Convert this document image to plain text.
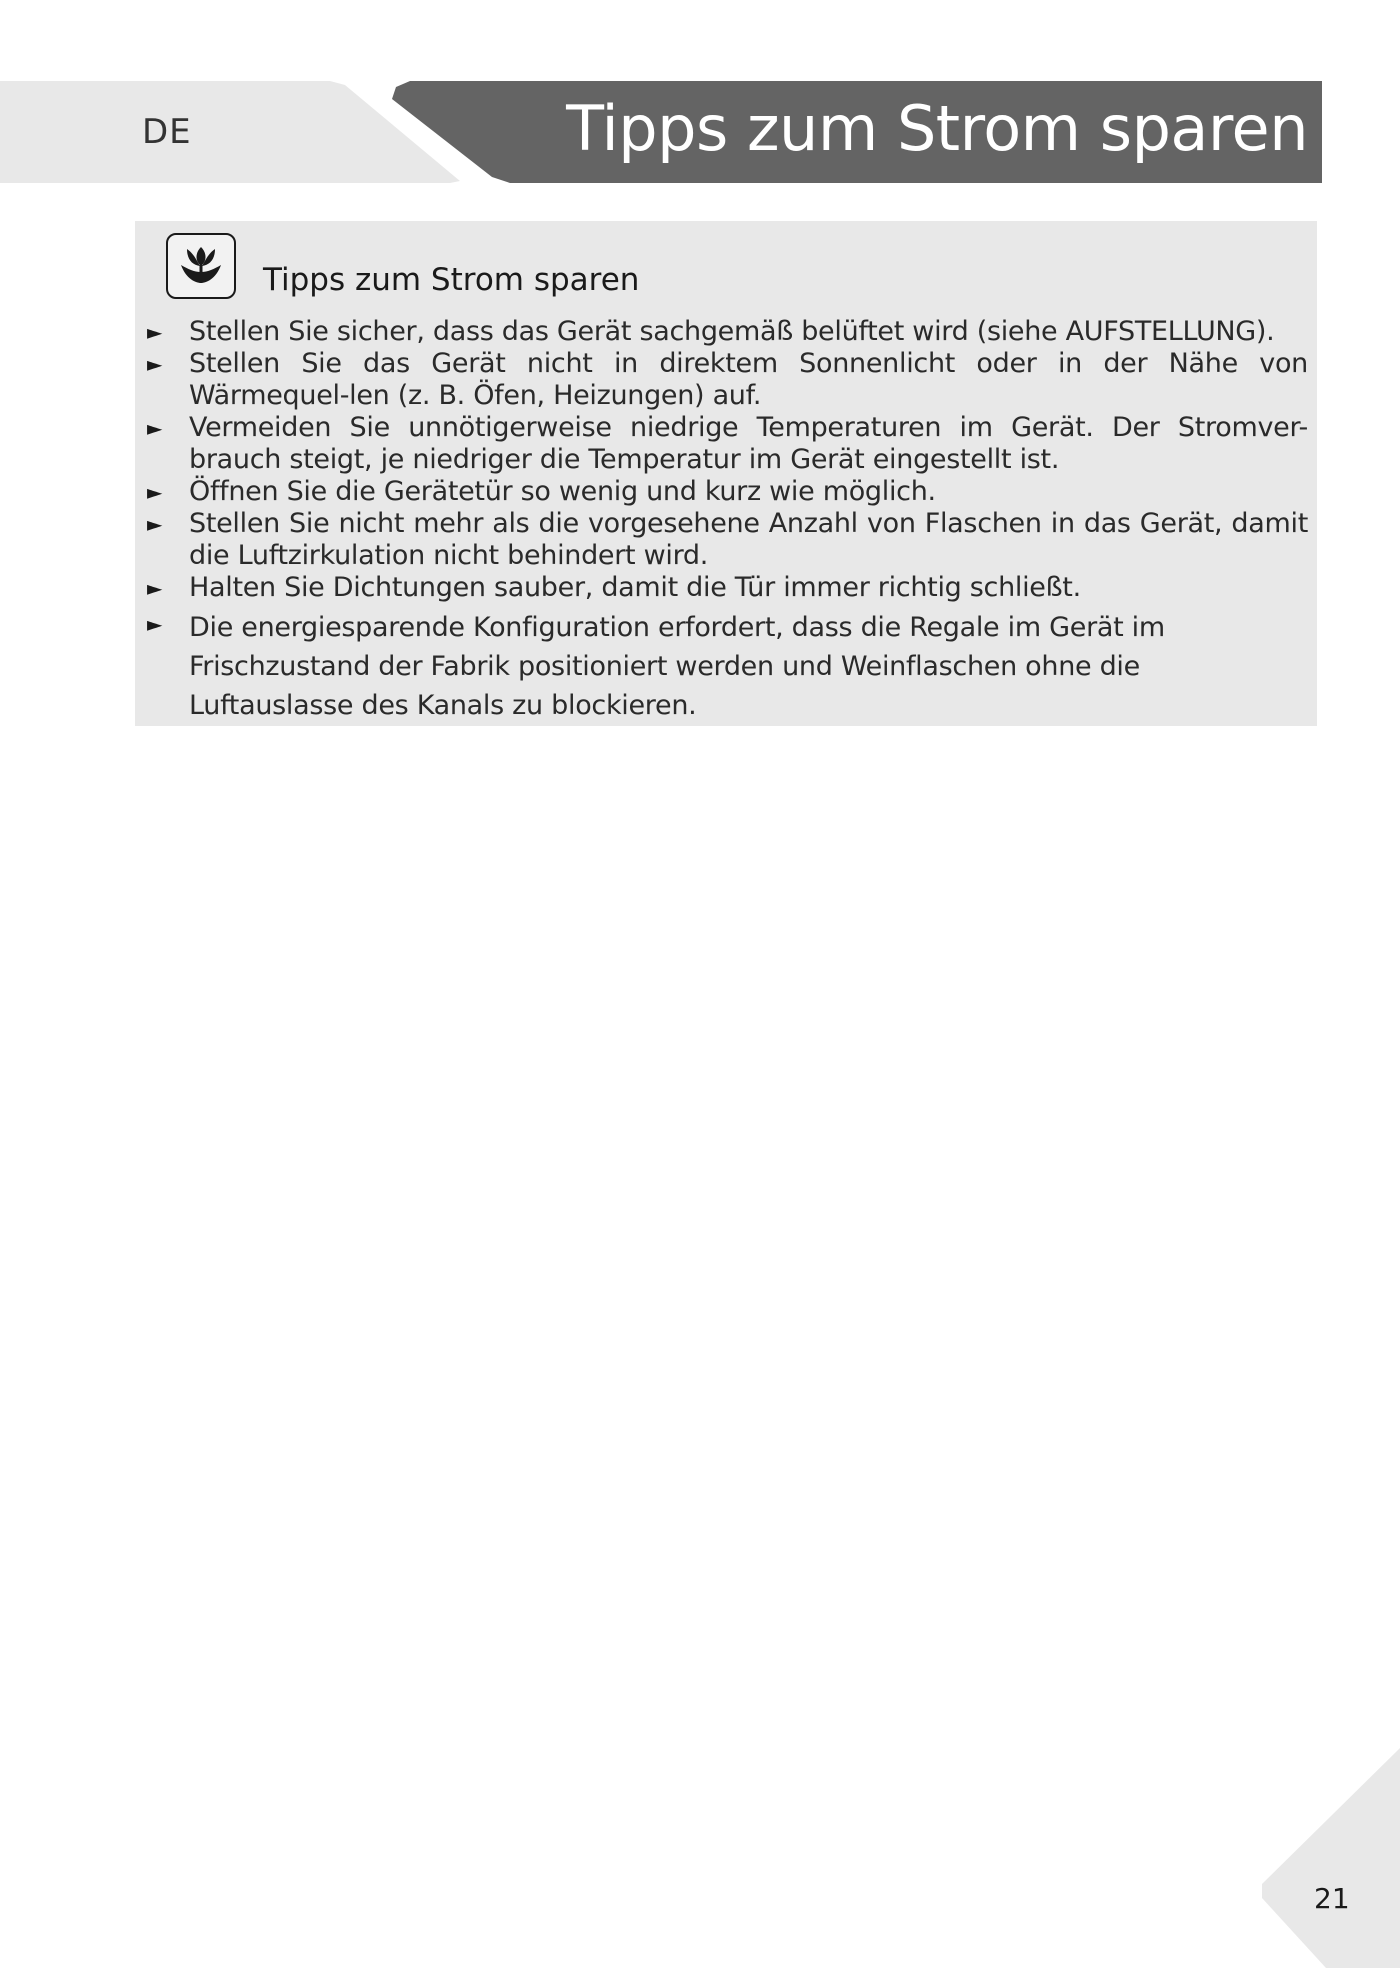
DE	Tipps zum Strom sparen
Tipps zum Strom sparen
► Stellen Sie sicher, dass das Gerät sachgemäß belüftet wird (siehe AUFSTELLUNG).
► Stellen Sie das Gerät nicht in direktem Sonnenlicht oder in der Nähe von Wärmequel-len (z. B. Öfen, Heizungen) auf.
► Vermeiden Sie unnötigerweise niedrige Temperaturen im Gerät. Der Stromver-brauch steigt, je niedriger die Temperatur im Gerät eingestellt ist.
► Öffnen Sie die Gerätetür so wenig und kurz wie möglich.
► Stellen Sie nicht mehr als die vorgesehene Anzahl von Flaschen in das Gerät, damit die Luftzirkulation nicht behindert wird.
► Halten Sie Dichtungen sauber, damit die Tür immer richtig schließt.
► Die energiesparende Konfiguration erfordert, dass die Regale im Gerät im Frischzustand der Fabrik positioniert werden und Weinflaschen ohne die Luftauslasse des Kanals zu blockieren.
21
